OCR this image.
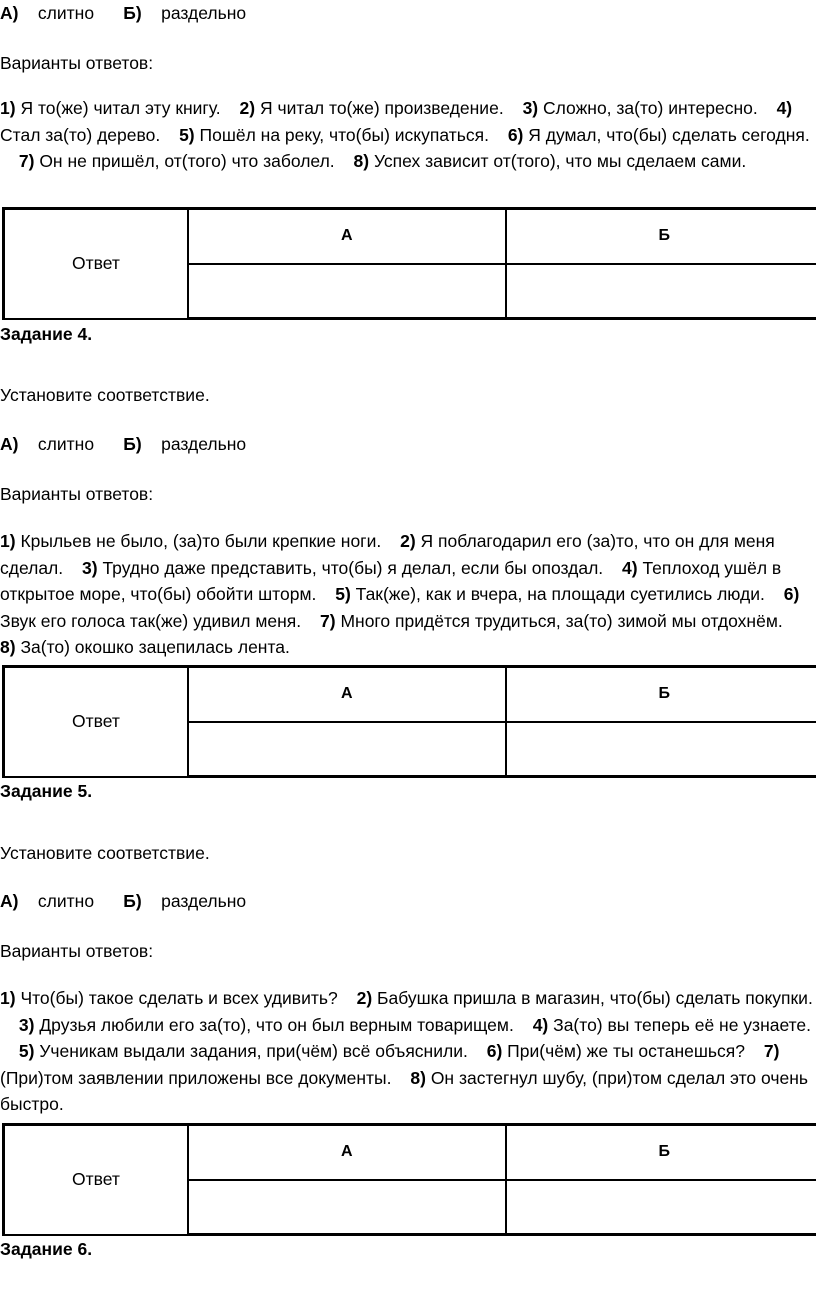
А) слитно Б) раздельно
Варианты ответов:
1) Я то(же) читал эту книгу. 2) Я читал то(же) произведение. 3) Сложно, за(то) интересно. 4) Стал за(то) дерево. 5) Пошёл на реку, что(бы) искупаться. 6) Я думал, что(бы) сделать сегодня. 7) Он не пришёл, от(того) что заболел. 8) Успех зависит от(того), что мы сделаем сами.
Ответ	А	Б

Задание 4.
Установите соответствие.
А) слитно Б) раздельно
Варианты ответов:
1) Крыльев не было, (за)то были крепкие ноги. 2) Я поблагодарил его (за)то, что он для меня сделал. 3) Трудно даже представить, что(бы) я делал, если бы опоздал. 4) Теплоход ушёл в открытое море, что(бы) обойти шторм. 5) Так(же), как и вчера, на площади суетились люди. 6) Звук его голоса так(же) удивил меня. 7) Много придётся трудиться, за(то) зимой мы отдохнём. 8) За(то) окошко зацепилась лента.
Ответ	А	Б

Задание 5.
Установите соответствие.
А) слитно Б) раздельно
Варианты ответов:
1) Что(бы) такое сделать и всех удивить? 2) Бабушка пришла в магазин, что(бы) сделать покупки. 3) Друзья любили его за(то), что он был верным товарищем. 4) За(то) вы теперь её не узнаете. 5) Ученикам выдали задания, при(чём) всё объяснили. 6) При(чём) же ты останешься? 7) (При)том заявлении приложены все документы. 8) Он застегнул шубу, (при)том сделал это очень быстро.
Ответ	А	Б

Задание 6.
